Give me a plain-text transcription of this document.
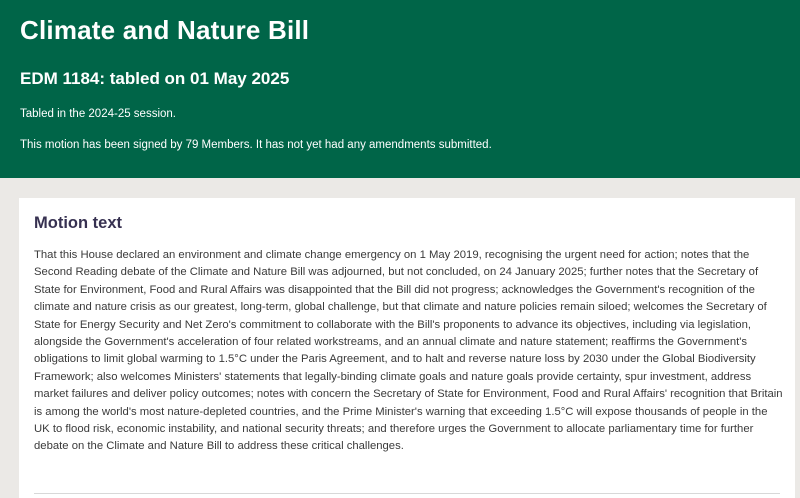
Climate and Nature Bill
EDM 1184: tabled on 01 May 2025

Tabled in the 2024-25 session.

This motion has been signed by 79 Members. It has not yet had any amendments submitted.

Motion text

That this House declared an environment and climate change emergency on 1 May 2019, recognising the urgent need for action; notes that the Second Reading debate of the Climate and Nature Bill was adjourned, but not concluded, on 24 January 2025; further notes that the Secretary of State for Environment, Food and Rural Affairs was disappointed that the Bill did not progress; acknowledges the Government's recognition of the climate and nature crisis as our greatest, long-term, global challenge, but that climate and nature policies remain siloed; welcomes the Secretary of State for Energy Security and Net Zero's commitment to collaborate with the Bill's proponents to advance its objectives, including via legislation, alongside the Government's acceleration of four related workstreams, and an annual climate and nature statement; reaffirms the Government's obligations to limit global warming to 1.5°C under the Paris Agreement, and to halt and reverse nature loss by 2030 under the Global Biodiversity Framework; also welcomes Ministers' statements that legally-binding climate goals and nature goals provide certainty, spur investment, address market failures and deliver policy outcomes; notes with concern the Secretary of State for Environment, Food and Rural Affairs' recognition that Britain is among the world's most nature-depleted countries, and the Prime Minister's warning that exceeding 1.5°C will expose thousands of people in the UK to flood risk, economic instability, and national security threats; and therefore urges the Government to allocate parliamentary time for further debate on the Climate and Nature Bill to address these critical challenges.
